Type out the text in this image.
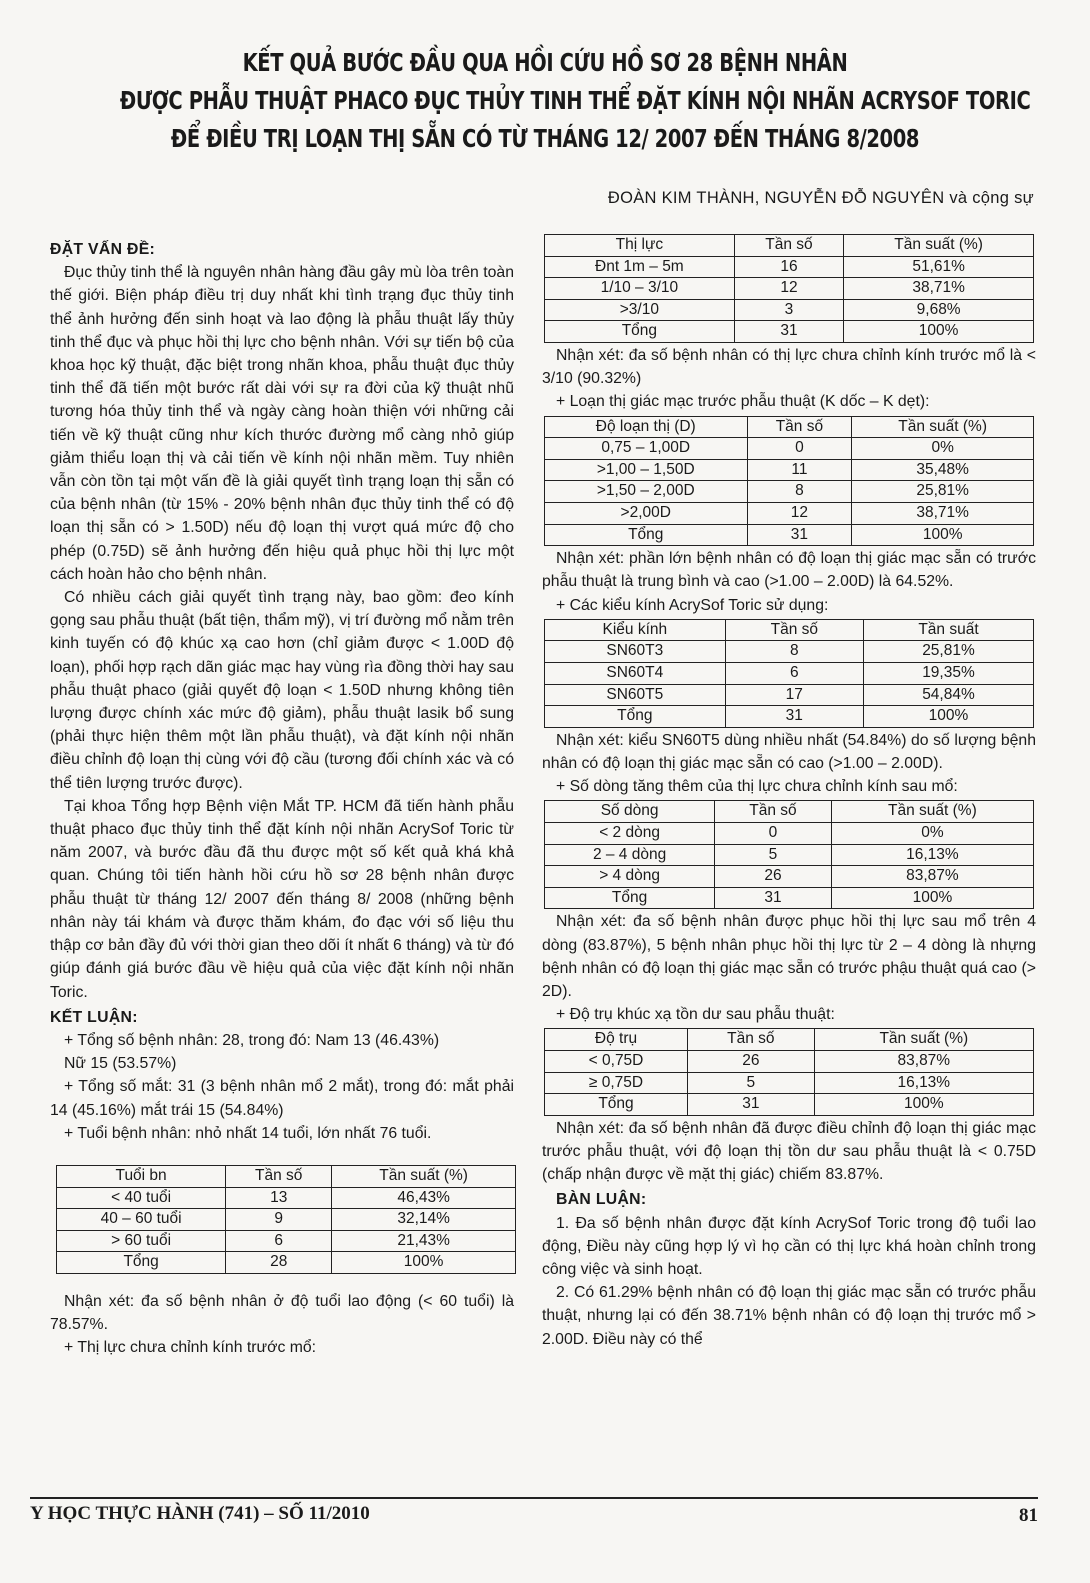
KẾT QUẢ BƯỚC ĐẦU QUA HỒI CỨU HỒ SƠ 28 BỆNH NHÂN
ĐƯỢC PHẪU THUẬT PHACO ĐỤC THỦY TINH THỂ ĐẶT KÍNH NỘI NHÃN ACRYSOF TORIC
ĐỂ ĐIỀU TRỊ LOẠN THỊ SẴN CÓ TỪ THÁNG 12/ 2007 ĐẾN THÁNG 8/2008
ĐOÀN KIM THÀNH, NGUYỄN ĐỖ NGUYÊN và cộng sự

ĐẶT VẤN ĐỀ:

Đục thủy tinh thể là nguyên nhân hàng đầu gây mù lòa trên toàn thế giới. Biện pháp điều trị duy nhất khi tình trạng đục thủy tinh thể ảnh hưởng đến sinh hoạt và lao động là phẫu thuật lấy thủy tinh thể đục và phục hồi thị lực cho bệnh nhân. Với sự tiến bộ của khoa học kỹ thuật, đặc biệt trong nhãn khoa, phẫu thuật đục thủy tinh thể đã tiến một bước rất dài với sự ra đời của kỹ thuật nhũ tương hóa thủy tinh thể và ngày càng hoàn thiện với những cải tiến về kỹ thuật cũng như kích thước đường mổ càng nhỏ giúp giảm thiểu loạn thị và cải tiến về kính nội nhãn mềm. Tuy nhiên vẫn còn tồn tại một vấn đề là giải quyết tình trạng loạn thị sẵn có của bệnh nhân (từ 15% - 20% bệnh nhân đục thủy tinh thể có độ loạn thị sẵn có > 1.50D) nếu độ loạn thị vượt quá mức độ cho phép (0.75D) sẽ ảnh hưởng đến hiệu quả phục hồi thị lực một cách hoàn hảo cho bệnh nhân.

Có nhiều cách giải quyết tình trạng này, bao gồm: đeo kính gọng sau phẫu thuật (bất tiện, thẩm mỹ), vị trí đường mổ nằm trên kinh tuyến có độ khúc xạ cao hơn (chỉ giảm được < 1.00D độ loạn), phối hợp rạch dãn giác mạc hay vùng rìa đồng thời hay sau phẫu thuật phaco (giải quyết độ loạn < 1.50D nhưng không tiên lượng được chính xác mức độ giảm), phẫu thuật lasik bổ sung (phải thực hiện thêm một lần phẫu thuật), và đặt kính nội nhãn điều chỉnh độ loạn thị cùng với độ cầu (tương đối chính xác và có thể tiên lượng trước được).

Tại khoa Tổng hợp Bệnh viện Mắt TP. HCM đã tiến hành phẫu thuật phaco đục thủy tinh thể đặt kính nội nhãn AcrySof Toric từ năm 2007, và bước đầu đã thu được một số kết quả khá khả quan. Chúng tôi tiến hành hồi cứu hồ sơ 28 bệnh nhân được phẫu thuật từ tháng 12/ 2007 đến tháng 8/ 2008 (những bệnh nhân này tái khám và được thăm khám, đo đạc với số liệu thu thập cơ bản đầy đủ với thời gian theo dõi ít nhất 6 tháng) và từ đó giúp đánh giá bước đầu về hiệu quả của việc đặt kính nội nhãn Toric.

KẾT LUẬN:

+ Tổng số bệnh nhân: 28, trong đó: Nam 13 (46.43%)

Nữ 15 (53.57%)

+ Tổng số mắt: 31 (3 bệnh nhân mổ 2 mắt), trong đó: mắt phải 14 (45.16%) mắt trái 15 (54.84%)

+ Tuổi bệnh nhân: nhỏ nhất 14 tuổi, lớn nhất 76 tuổi.

Tuổi bn	Tần số	Tần suất (%)
< 40 tuổi	13	46,43%
40 – 60 tuổi	9	32,14%
> 60 tuổi	6	21,43%
Tổng	28	100%

Nhận xét: đa số bệnh nhân ở độ tuổi lao động (< 60 tuổi) là 78.57%.

+ Thị lực chưa chỉnh kính trước mổ:

Thị lực	Tần số	Tần suất (%)
Đnt 1m – 5m	16	51,61%
1/10 – 3/10	12	38,71%
>3/10	3	9,68%
Tổng	31	100%

Nhận xét: đa số bệnh nhân có thị lực chưa chỉnh kính trước mổ là < 3/10 (90.32%)

+ Loạn thị giác mạc trước phẫu thuật (K dốc – K dẹt):

Độ loạn thị (D)	Tần số	Tần suất (%)
0,75 – 1,00D	0	0%
>1,00 – 1,50D	11	35,48%
>1,50 – 2,00D	8	25,81%
>2,00D	12	38,71%
Tổng	31	100%

Nhận xét: phần lớn bệnh nhân có độ loạn thị giác mạc sẵn có trước phẫu thuật là trung bình và cao (>1.00 – 2.00D) là 64.52%.

+ Các kiểu kính AcrySof Toric sử dụng:

Kiểu kính	Tần số	Tần suất
SN60T3	8	25,81%
SN60T4	6	19,35%
SN60T5	17	54,84%
Tổng	31	100%

Nhận xét: kiểu SN60T5 dùng nhiều nhất (54.84%) do số lượng bệnh nhân có độ loạn thị giác mạc sẵn có cao (>1.00 – 2.00D).

+ Số dòng tăng thêm của thị lực chưa chỉnh kính sau mổ:

Số dòng	Tần số	Tần suất (%)
< 2 dòng	0	0%
2 – 4 dòng	5	16,13%
> 4 dòng	26	83,87%
Tổng	31	100%

Nhận xét: đa số bệnh nhân được phục hồi thị lực sau mổ trên 4 dòng (83.87%), 5 bệnh nhân phục hồi thị lực từ 2 – 4 dòng là nhựng bệnh nhân có độ loạn thị giác mạc sẵn có trước phậu thuật quá cao (> 2D).

+ Độ trụ khúc xạ tồn dư sau phẫu thuật:

Độ trụ	Tần số	Tần suất (%)
< 0,75D	26	83,87%
≥ 0,75D	5	16,13%
Tổng	31	100%

Nhận xét: đa số bệnh nhân đã được điều chỉnh độ loạn thị giác mạc trước phẫu thuật, với độ loạn thị tồn dư sau phẫu thuật là < 0.75D (chấp nhận được về mặt thị giác) chiếm 83.87%.

BÀN LUẬN:

1. Đa số bệnh nhân được đặt kính AcrySof Toric trong độ tuổi lao động, Điều này cũng hợp lý vì họ cần có thị lực khá hoàn chỉnh trong công việc và sinh hoạt.

2. Có 61.29% bệnh nhân có độ loạn thị giác mạc sẵn có trước phẫu thuật, nhưng lại có đến 38.71% bệnh nhân có độ loạn thị trước mổ > 2.00D. Điều này có thể

Y HỌC THỰC HÀNH (741) – SỐ 11/2010	81
